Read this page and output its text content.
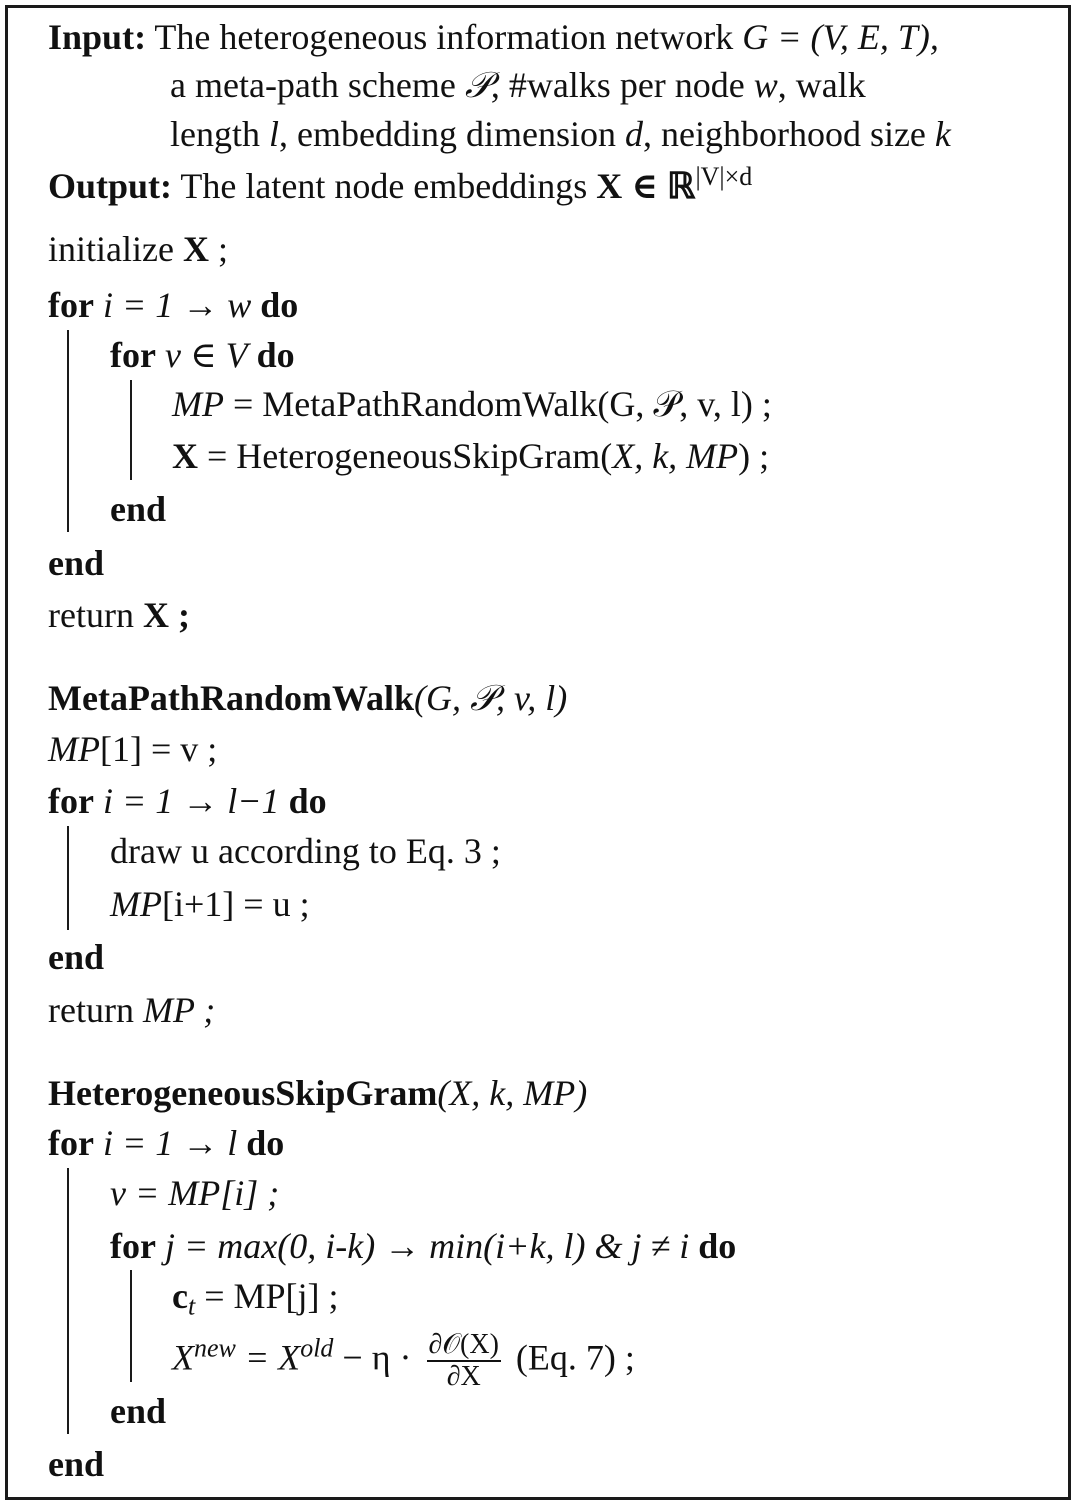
Input: The heterogeneous information network G = (V, E, T),
a meta-path scheme 𝒫, #walks per node w, walk
length l, embedding dimension d, neighborhood size k
Output: The latent node embeddings X ∈ ℝ$^{|V|\times d}$
initialize X ;
for i = 1 → w do
for v ∈ V do
MP = MetaPathRandomWalk(G, 𝒫, v, l) ;
X = HeterogeneousSkipGram(X, k, MP) ;
end
end
return X ;
MetaPathRandomWalk(G, 𝒫, v, l)
MP[1] = v ;
for i = 1 → l−1 do
draw u according to Eq. 3 ;
MP[i+1] = u ;
end
return MP ;
HeterogeneousSkipGram(X, k, MP)
for i = 1 → l do
v = MP[i] ;
for j = max(0, i-k) → min(i+k, l) & j ≠ i do
$c_t = MP[j]$ ;
$X^{new} = X^{old} - \eta \cdot \frac{\text{∂𝒪(X)}}{\partial X} (Eq$. 7) ;
end
end
